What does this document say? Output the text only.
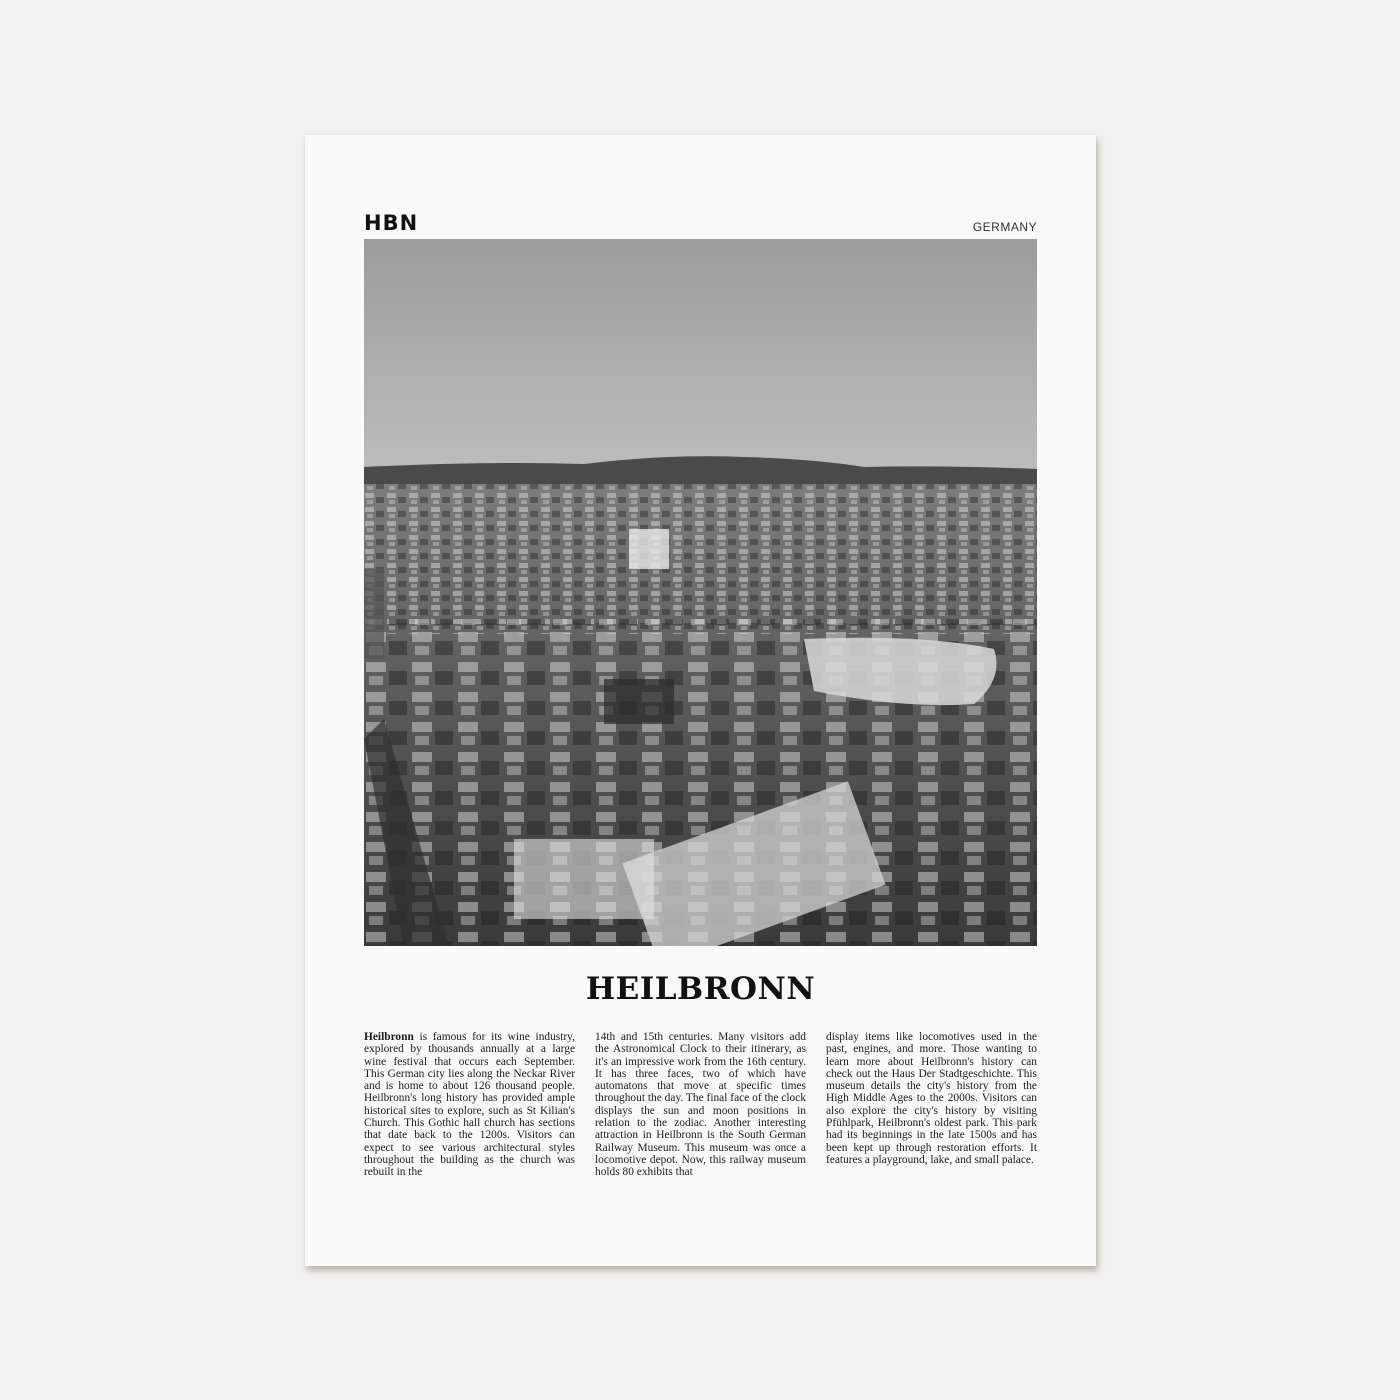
HBN	GERMANY
HEILBRONN
Heilbronn is famous for its wine industry, explored by thousands annually at a large wine festival that occurs each September. This German city lies along the Neckar River and is home to about 126 thousand people. Heilbronn's long history has provided ample historical sites to explore, such as St Kilian's Church. This Gothic hall church has sections that date back to the 1200s. Visitors can expect to see various architectural styles throughout the building as the church was rebuilt in the
14th and 15th centuries. Many visitors add the Astronomical Clock to their itinerary, as it's an impressive work from the 16th century. It has three faces, two of which have automatons that move at specific times throughout the day. The final face of the clock displays the sun and moon positions in relation to the zodiac. Another interesting attraction in Heilbronn is the South German Railway Museum. This museum was once a locomotive depot. Now, this railway museum holds 80 exhibits that
display items like locomotives used in the past, engines, and more. Those wanting to learn more about Heilbronn's history can check out the Haus Der Stadtgeschichte. This museum details the city's history from the High Middle Ages to the 2000s. Visitors can also explore the city's history by visiting Pfühlpark, Heilbronn's oldest park. This park had its beginnings in the late 1500s and has been kept up through restoration efforts. It features a playground, lake, and small palace.
